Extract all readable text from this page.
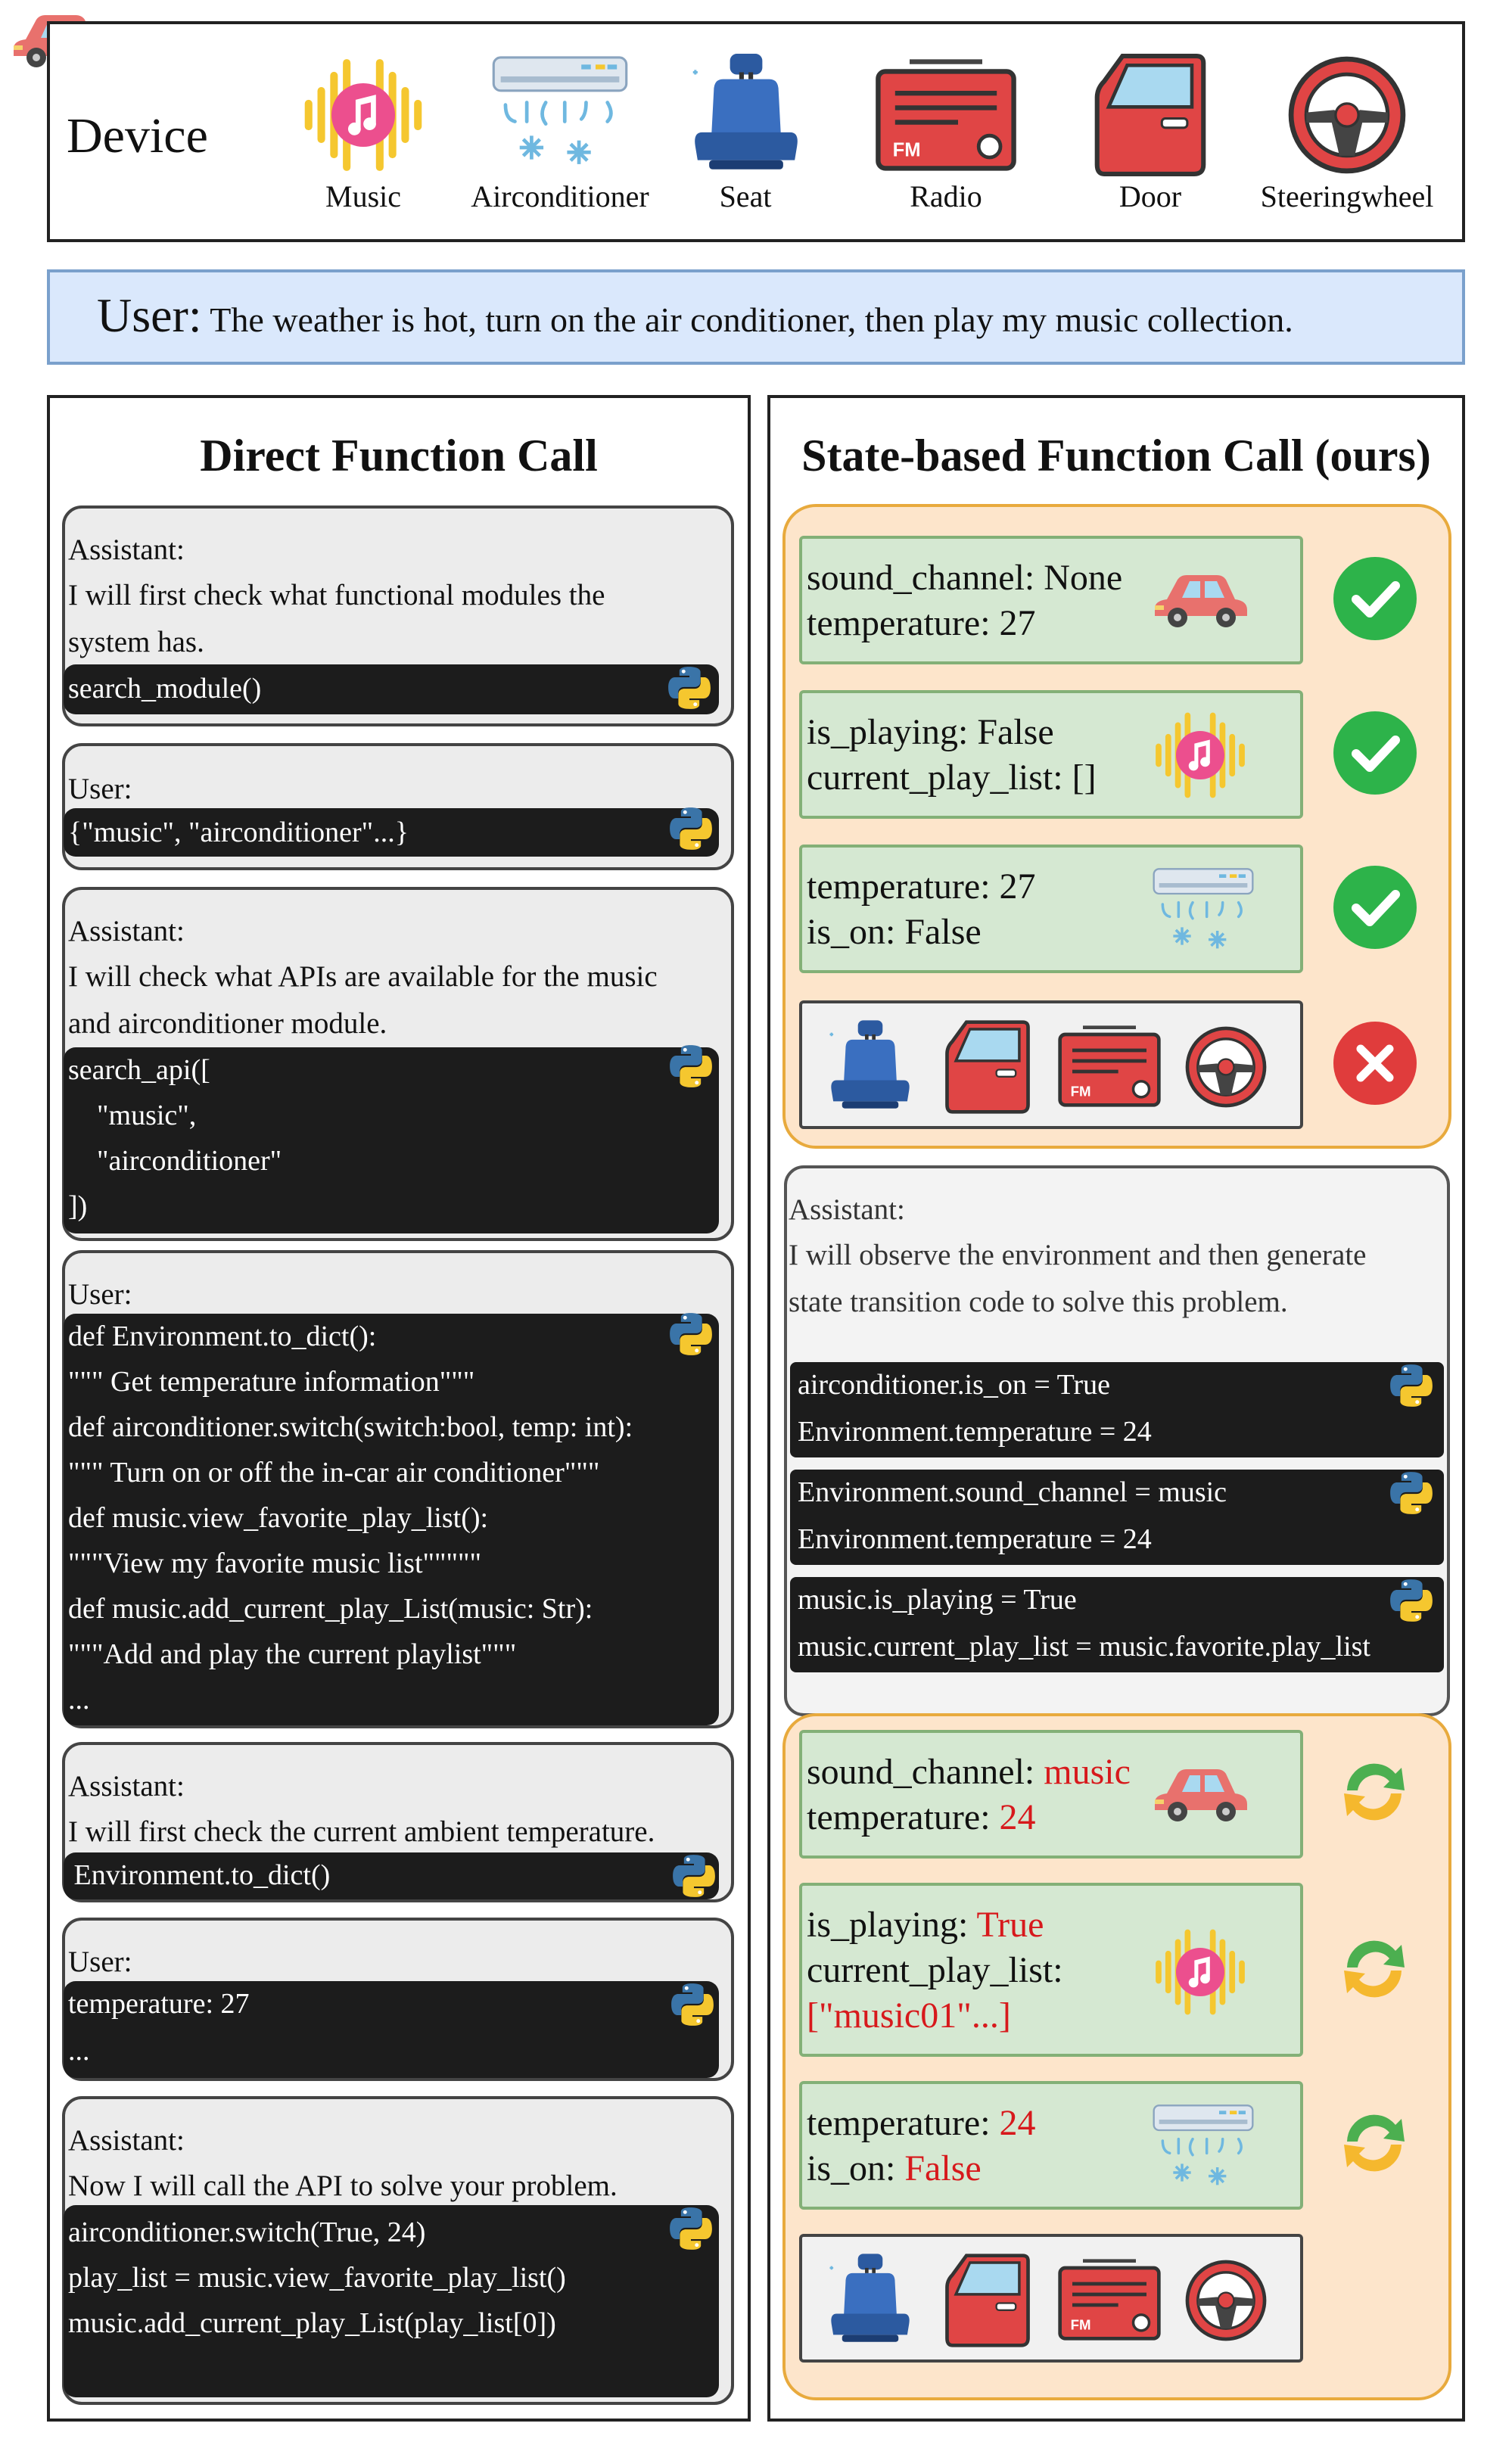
Device
Music	Airconditioner	Seat	Radio	Door	Steeringwheel
User: The weather is hot, turn on the air conditioner, then play my music collection.
Direct Function Call
Assistant:
I will first check what functional modules the
system has.
search_module()
User:
{"music", "airconditioner"...}
Assistant:
I will check what APIs are available for the music
and airconditioner module.
search_api([
"music",
"airconditioner"
])
User:
def Environment.to_dict():
""" Get temperature information"""
def airconditioner.switch(switch:bool, temp: int):
""" Turn on or off the in-car air conditioner"""
def music.view_favorite_play_list():
"""View my favorite music list"""""
def music.add_current_play_List(music: Str):
"""Add and play the current playlist"""
...
Assistant:
I will first check the current ambient temperature.
Environment.to_dict()
User:
temperature: 27
...
Assistant:
Now I will call the API to solve your problem.
airconditioner.switch(True, 24)
play_list = music.view_favorite_play_list()
music.add_current_play_List(play_list[0])
State-based Function Call (ours)
sound_channel: None
temperature: 27
is_playing: False
current_play_list: []
temperature: 27
is_on: False
Assistant:
I will observe the environment and then generate
state transition code to solve this problem.
airconditioner.is_on = True
Environment.temperature = 24
Environment.sound_channel = music
Environment.temperature = 24
music.is_playing = True
music.current_play_list = music.favorite.play_list
sound_channel: music
temperature: 24
is_playing: True
current_play_list:
["music01"...]
temperature: 24
is_on: False
